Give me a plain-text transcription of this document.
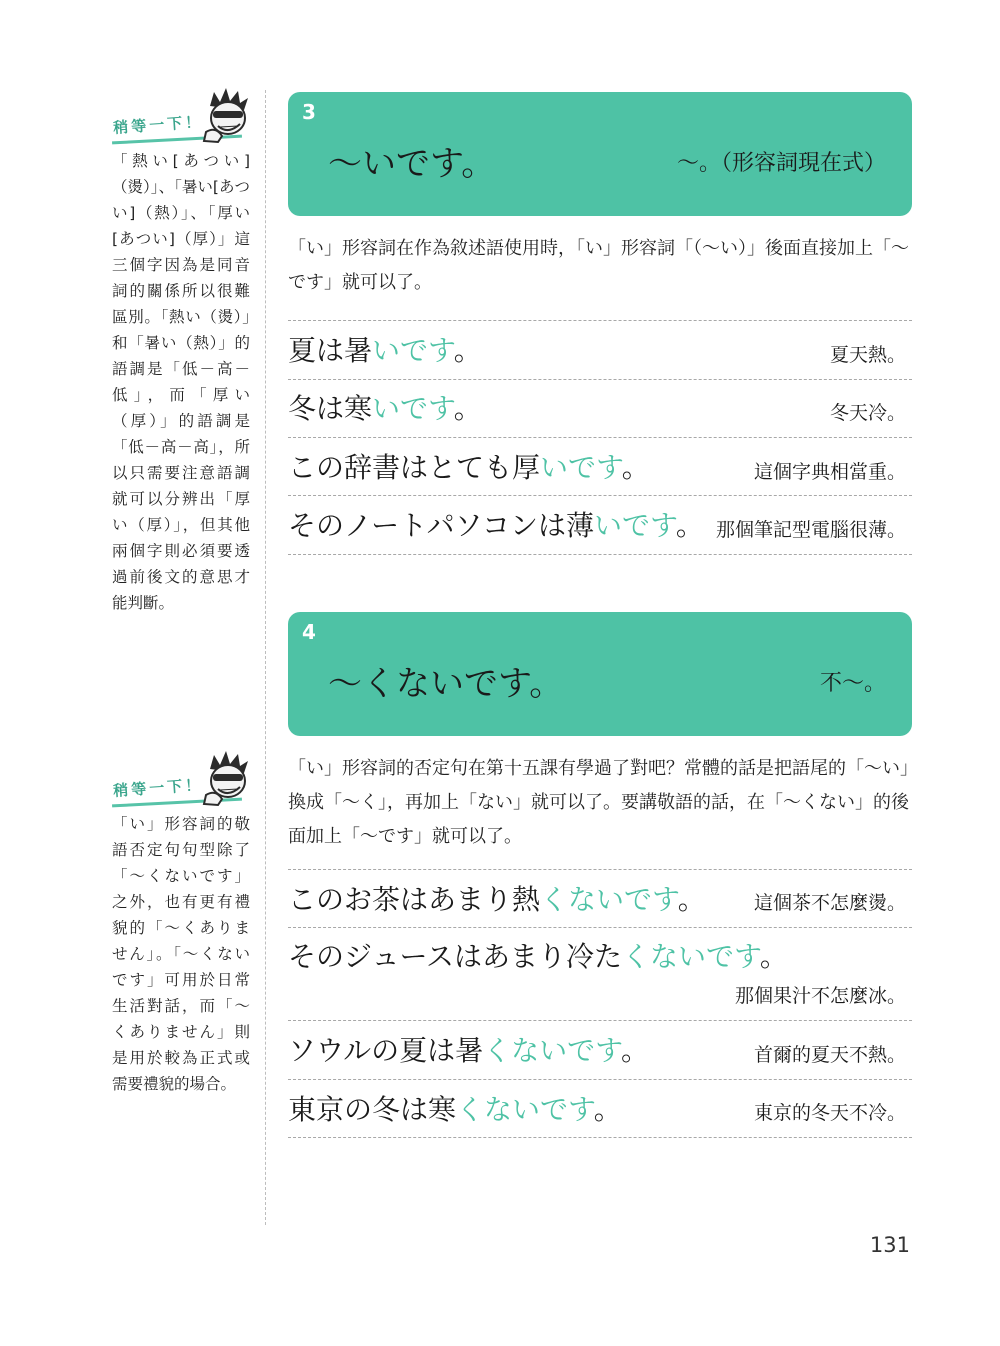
稍等一下！
「熱い[あつい]（燙）」、「暑い[あつい]（熱）」、「厚い[あつい]（厚）」這三個字因為是同音詞的關係所以很難區別。「熱い（燙）」和「暑い（熱）」的語調是「低－高－低」，而「厚い（厚）」的語調是「低－高－高」，所以只需要注意語調就可以分辨出「厚い（厚）」，但其他兩個字則必須要透過前後文的意思才能判斷。
稍等一下！
「い」形容詞的敬語否定句句型除了「～くないです」之外，也有更有禮貌的「～くありません」。「～くないです」可用於日常生活對話，而「～くありません」則是用於較為正式或需要禮貌的場合。
3
～いです。	～。（形容詞現在式）
「い」形容詞在作為敘述語使用時，「い」形容詞「（～い）」後面直接加上「～です」就可以了。
夏は暑いです。	夏天熱。
冬は寒いです。	冬天冷。
この辞書はとても厚いです。	這個字典相當重。
そのノートパソコンは薄いです。 那個筆記型電腦很薄。
4
～くないです。	不～。
「い」形容詞的否定句在第十五課有學過了對吧？常體的話是把語尾的「～い」換成「～く」，再加上「ない」就可以了。要講敬語的話，在「～くない」的後面加上「～です」就可以了。
このお茶はあまり熱くないです。	這個茶不怎麼燙。
そのジュースはあまり冷たくないです。
那個果汁不怎麼冰。
ソウルの夏は暑くないです。	首爾的夏天不熱。
東京の冬は寒くないです。	東京的冬天不冷。
131
